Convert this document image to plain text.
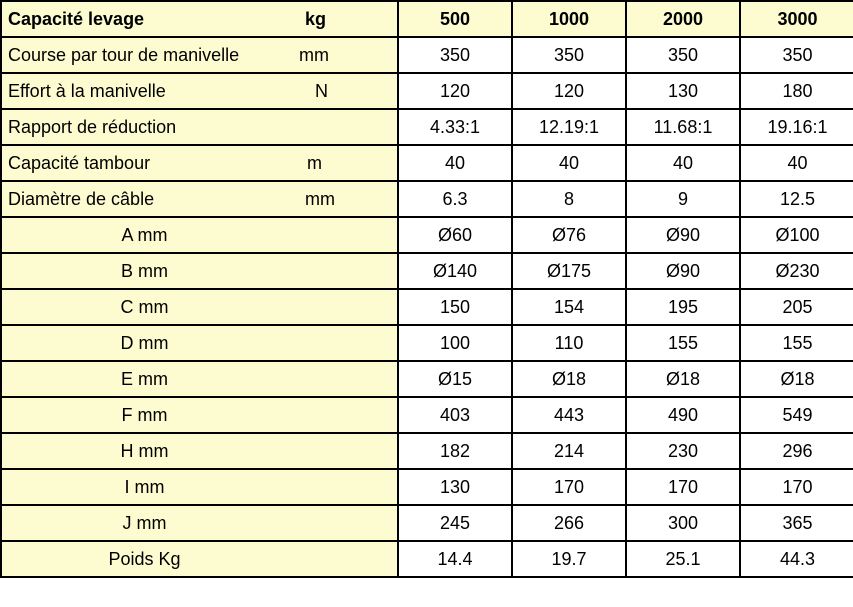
Capacité levage kg	500	1000	2000	3000

Course par tour de manivelle mm	350	350	350	350

Effort à la manivelle N	120	120	130	180

Rapport de réduction	4.33:1	12.19:1	11.68:1	19.16:1

Capacité tambour m	40	40	40	40

Diamètre de câble mm	6.3	8	9	12.5

A mm	Ø60	Ø76	Ø90	Ø100

B mm	Ø140	Ø175	Ø90	Ø230

C mm	150	154	195	205

D mm	100	110	155	155

E mm	Ø15	Ø18	Ø18	Ø18

F mm	403	443	490	549

H mm	182	214	230	296

I mm	130	170	170	170

J mm	245	266	300	365

Poids Kg	14.4	19.7	25.1	44.3
